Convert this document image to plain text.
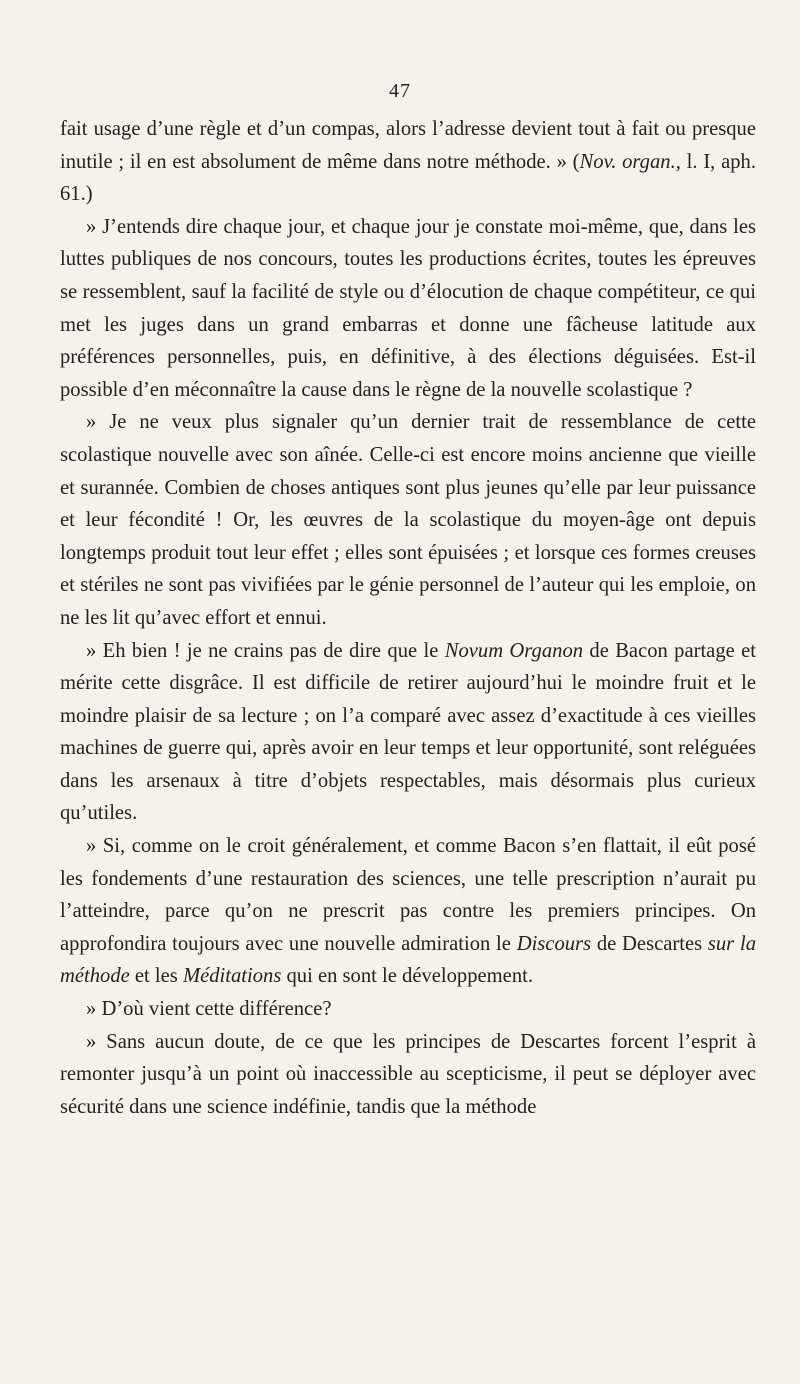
47

fait usage d’une règle et d’un compas, alors l’adresse devient tout à fait ou presque inutile ; il en est absolument de même dans notre méthode. » (Nov. organ., l. I, aph. 61.)

» J’entends dire chaque jour, et chaque jour je constate moi-même, que, dans les luttes publiques de nos concours, toutes les productions écrites, toutes les épreuves se ressemblent, sauf la facilité de style ou d’élocution de chaque compétiteur, ce qui met les juges dans un grand embarras et donne une fâcheuse latitude aux préférences personnelles, puis, en définitive, à des élections déguisées. Est-il possible d’en méconnaître la cause dans le règne de la nouvelle scolastique ?

» Je ne veux plus signaler qu’un dernier trait de ressemblance de cette scolastique nouvelle avec son aînée. Celle-ci est encore moins ancienne que vieille et surannée. Combien de choses antiques sont plus jeunes qu’elle par leur puissance et leur fécondité ! Or, les œuvres de la scolastique du moyen-âge ont depuis longtemps produit tout leur effet ; elles sont épuisées ; et lorsque ces formes creuses et stériles ne sont pas vivifiées par le génie personnel de l’auteur qui les emploie, on ne les lit qu’avec effort et ennui.

» Eh bien ! je ne crains pas de dire que le Novum Organon de Bacon partage et mérite cette disgrâce. Il est difficile de retirer aujourd’hui le moindre fruit et le moindre plaisir de sa lecture ; on l’a comparé avec assez d’exactitude à ces vieilles machines de guerre qui, après avoir en leur temps et leur opportunité, sont reléguées dans les arsenaux à titre d’objets respectables, mais désormais plus curieux qu’utiles.

» Si, comme on le croit généralement, et comme Bacon s’en flattait, il eût posé les fondements d’une restauration des sciences, une telle prescription n’aurait pu l’atteindre, parce qu’on ne prescrit pas contre les premiers principes. On approfondira toujours avec une nouvelle admiration le Discours de Descartes sur la méthode et les Méditations qui en sont le développement.

» D’où vient cette différence?

» Sans aucun doute, de ce que les principes de Descartes forcent l’esprit à remonter jusqu’à un point où inaccessible au scepticisme, il peut se déployer avec sécurité dans une science indéfinie, tandis que la méthode
